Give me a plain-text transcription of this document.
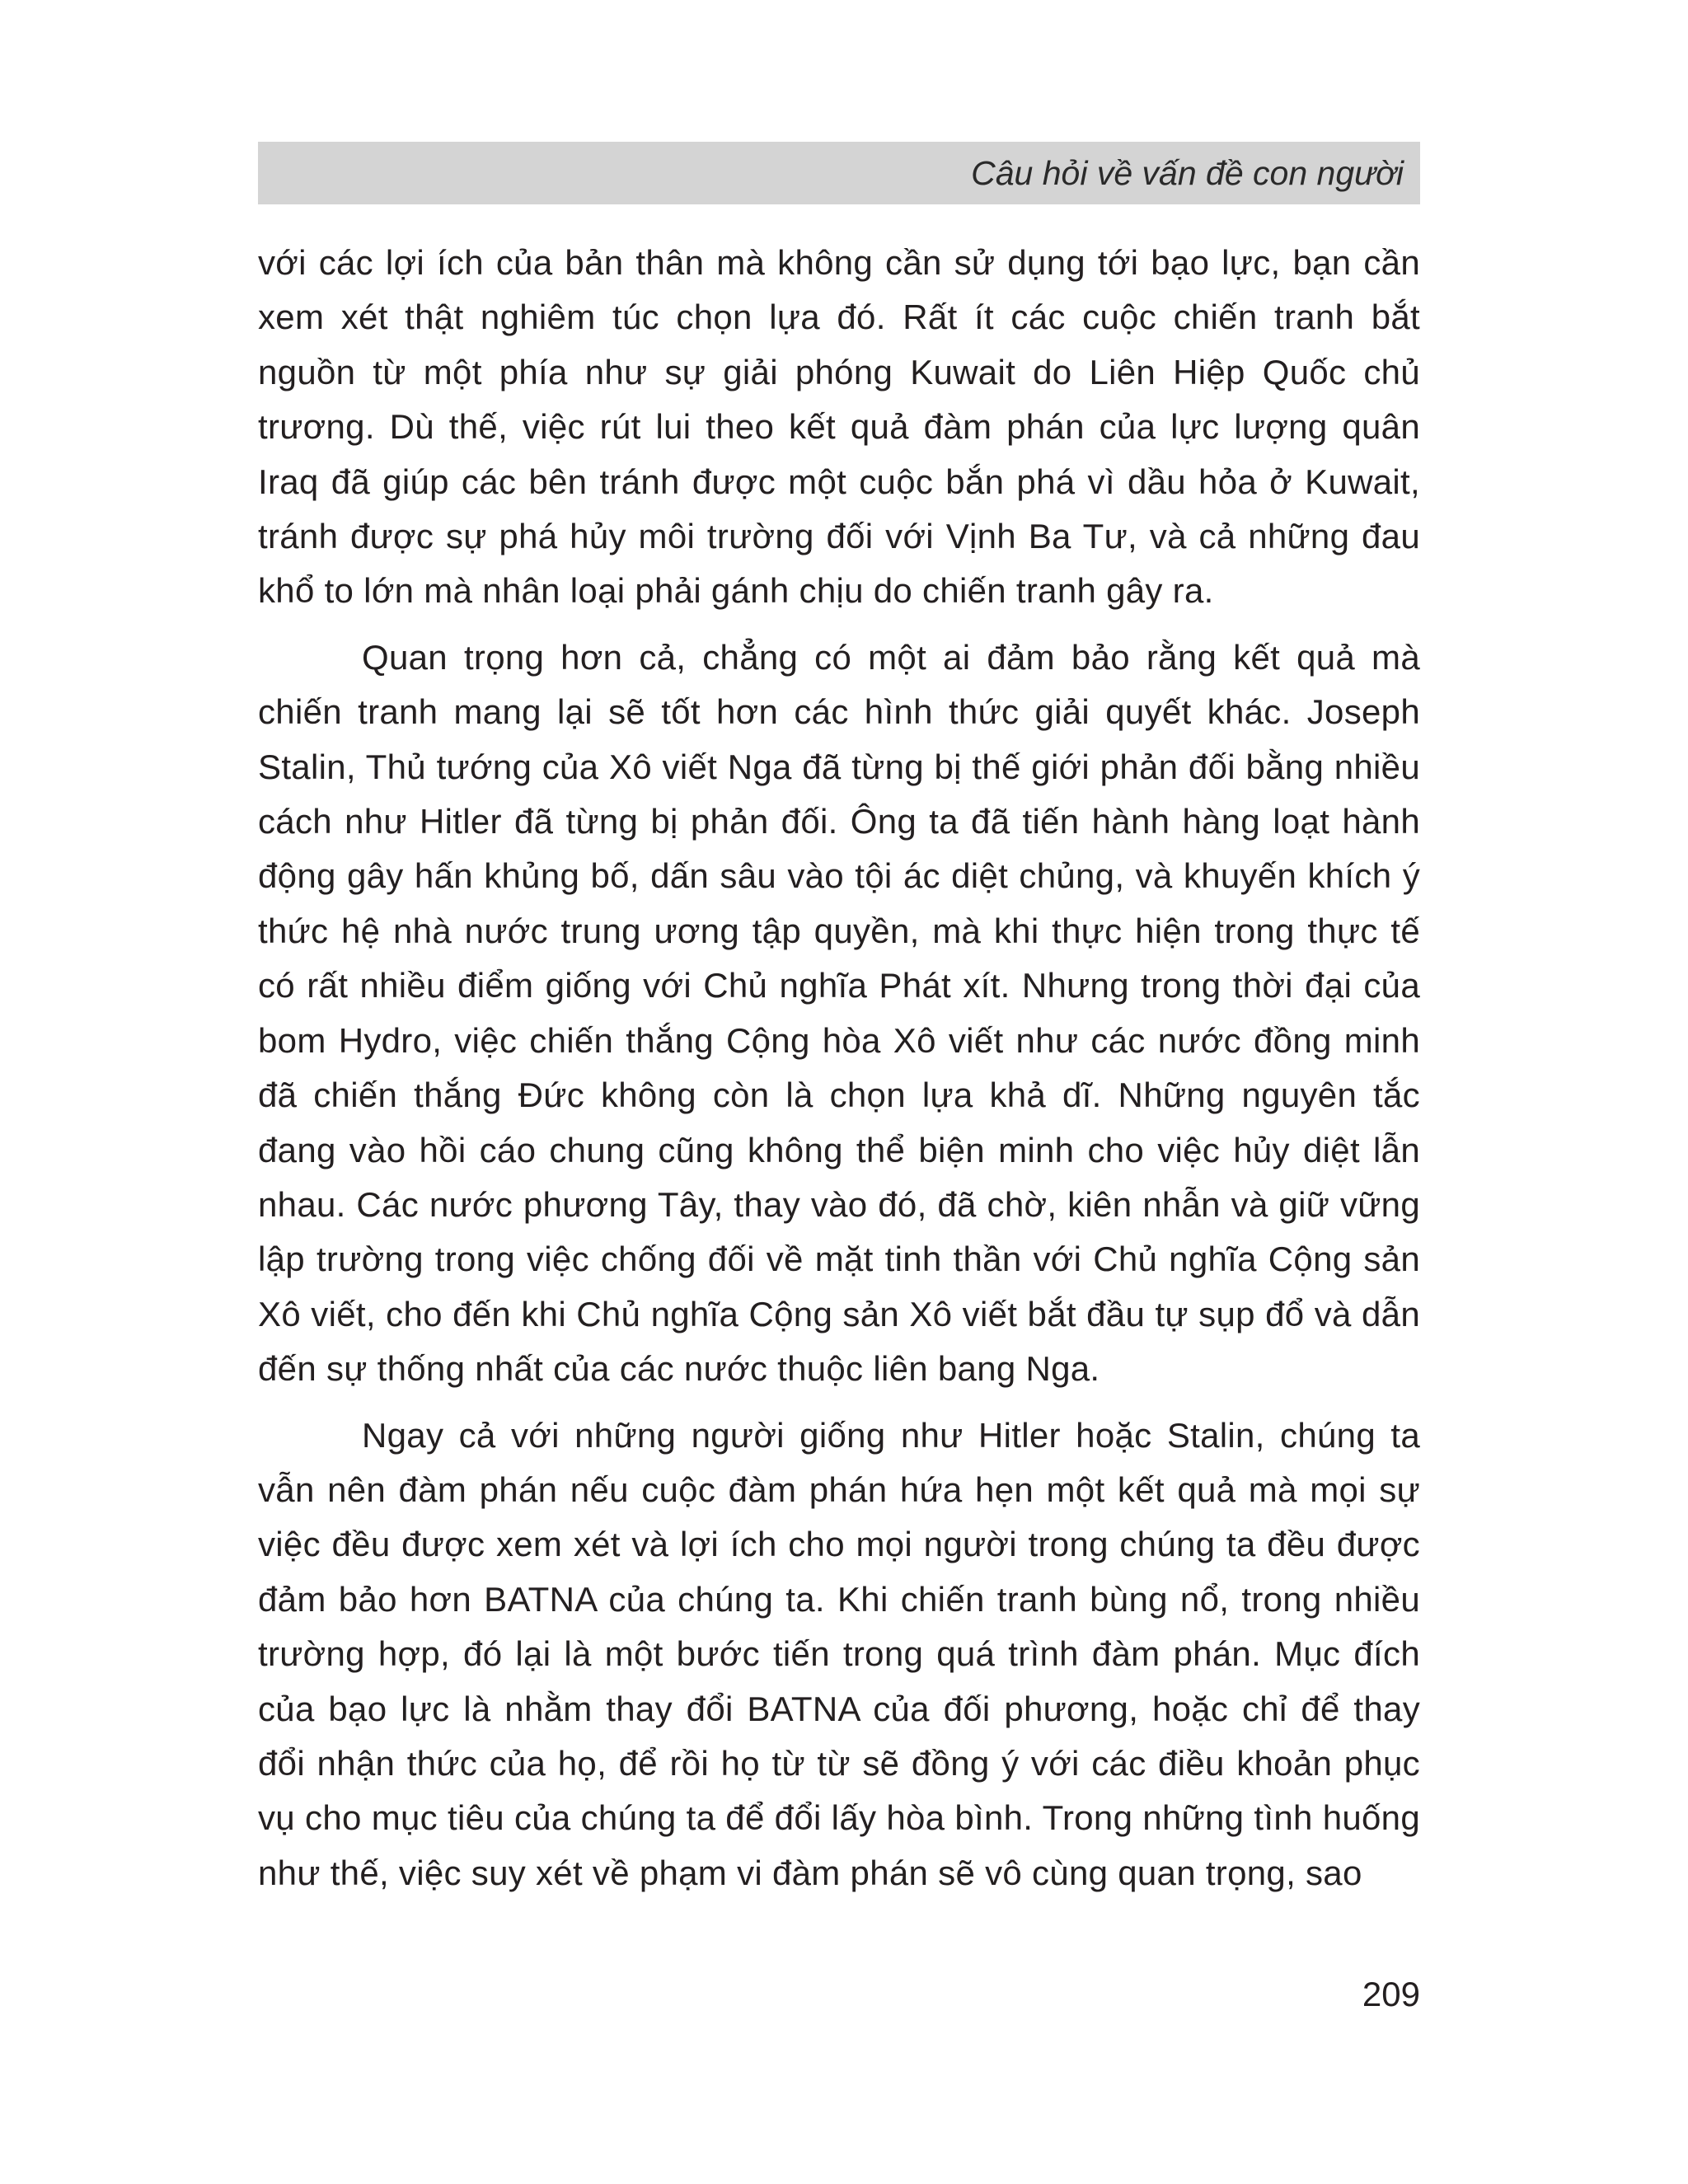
Câu hỏi về vấn đề con người

với các lợi ích của bản thân mà không cần sử dụng tới bạo lực, bạn cần xem xét thật nghiêm túc chọn lựa đó. Rất ít các cuộc chiến tranh bắt nguồn từ một phía như sự giải phóng Kuwait do Liên Hiệp Quốc chủ trương. Dù thế, việc rút lui theo kết quả đàm phán của lực lượng quân Iraq đã giúp các bên tránh được một cuộc bắn phá vì dầu hỏa ở Kuwait, tránh được sự phá hủy môi trường đối với Vịnh Ba Tư, và cả những đau khổ to lớn mà nhân loại phải gánh chịu do chiến tranh gây ra.

Quan trọng hơn cả, chẳng có một ai đảm bảo rằng kết quả mà chiến tranh mang lại sẽ tốt hơn các hình thức giải quyết khác. Joseph Stalin, Thủ tướng của Xô viết Nga đã từng bị thế giới phản đối bằng nhiều cách như Hitler đã từng bị phản đối. Ông ta đã tiến hành hàng loạt hành động gây hấn khủng bố, dấn sâu vào tội ác diệt chủng, và khuyến khích ý thức hệ nhà nước trung ương tập quyền, mà khi thực hiện trong thực tế có rất nhiều điểm giống với Chủ nghĩa Phát xít. Nhưng trong thời đại của bom Hydro, việc chiến thắng Cộng hòa Xô viết như các nước đồng minh đã chiến thắng Đức không còn là chọn lựa khả dĩ. Những nguyên tắc đang vào hồi cáo chung cũng không thể biện minh cho việc hủy diệt lẫn nhau. Các nước phương Tây, thay vào đó, đã chờ, kiên nhẫn và giữ vững lập trường trong việc chống đối về mặt tinh thần với Chủ nghĩa Cộng sản Xô viết, cho đến khi Chủ nghĩa Cộng sản Xô viết bắt đầu tự sụp đổ và dẫn đến sự thống nhất của các nước thuộc liên bang Nga.

Ngay cả với những người giống như Hitler hoặc Stalin, chúng ta vẫn nên đàm phán nếu cuộc đàm phán hứa hẹn một kết quả mà mọi sự việc đều được xem xét và lợi ích cho mọi người trong chúng ta đều được đảm bảo hơn BATNA của chúng ta. Khi chiến tranh bùng nổ, trong nhiều trường hợp, đó lại là một bước tiến trong quá trình đàm phán. Mục đích của bạo lực là nhằm thay đổi BATNA của đối phương, hoặc chỉ để thay đổi nhận thức của họ, để rồi họ từ từ sẽ đồng ý với các điều khoản phục vụ cho mục tiêu của chúng ta để đổi lấy hòa bình. Trong những tình huống như thế, việc suy xét về phạm vi đàm phán sẽ vô cùng quan trọng, sao

209
